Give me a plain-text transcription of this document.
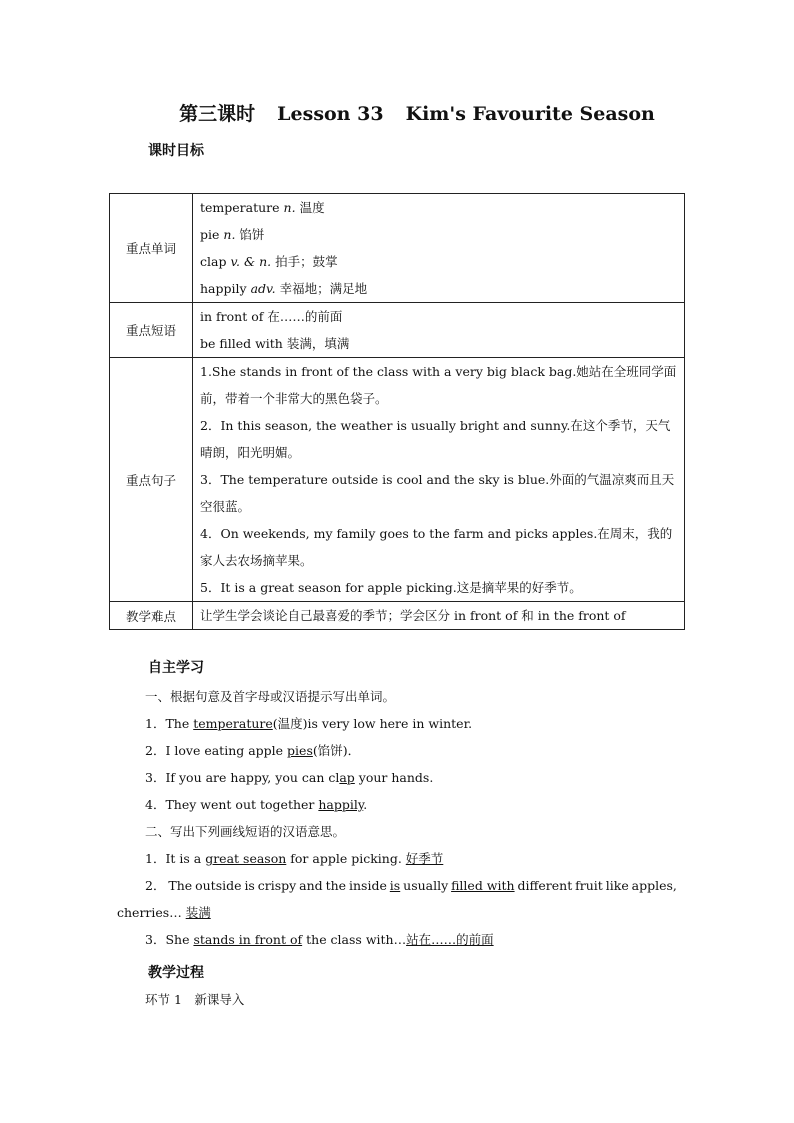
第三课时 Lesson 33 Kim's Favourite Season
课时目标
重点单词	temperature n. 温度
pie n. 馅饼
clap v. & n. 拍手；鼓掌
happily adv. 幸福地；满足地

重点短语	in front of 在……的前面
be filled with 装满，填满

重点句子	1.She stands in front of the class with a very big black bag.她站在全班同学面前，带着一个非常大的黑色袋子。
2．In this season, the weather is usually bright and sunny.在这个季节，天气晴朗，阳光明媚。
3．The temperature outside is cool and the sky is blue.外面的气温凉爽而且天空很蓝。
4．On weekends, my family goes to the farm and picks apples.在周末，我的家人去农场摘苹果。
5．It is a great season for apple picking.这是摘苹果的好季节。

教学难点	让学生学会谈论自己最喜爱的季节；学会区分 in front of 和 in the front of
自主学习
一、根据句意及首字母或汉语提示写出单词。
1．The temperature(温度)is very low here in winter.
2．I love eating apple pies(馅饼)．
3．If you are happy, you can clap your hands.
4．They went out together happily.
二、写出下列画线短语的汉语意思。
1．It is a great season for apple picking. 好季节
2． The outside is crispy and the inside is usually filled with different fruit like apples,
cherries… 装满
3．She stands in front of the class with…站在……的前面
教学过程
环节 1　新课导入
